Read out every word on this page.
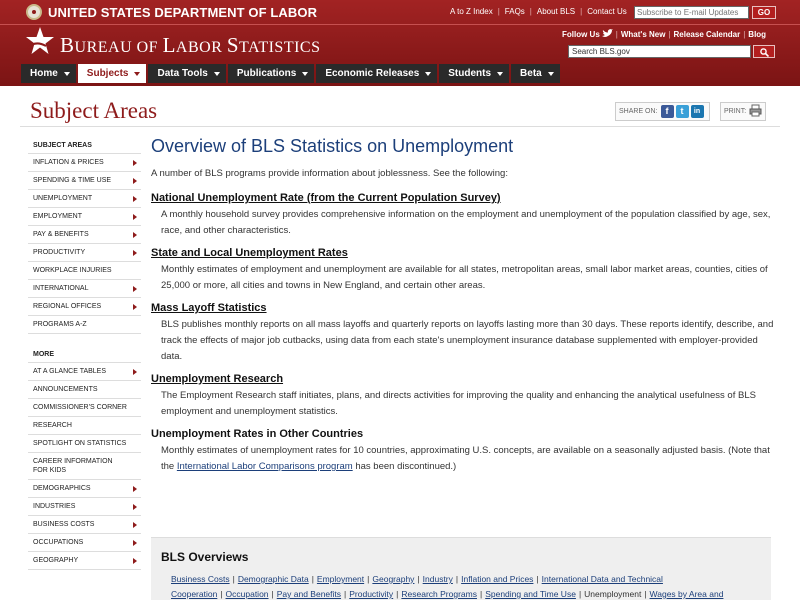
UNITED STATES DEPARTMENT OF LABOR	A to Z Index | FAQs | About BLS | Contact Us
Subscribe to E-mail Updates	GO
BUREAU OF LABOR STATISTICS
Follow Us | What's New | Release Calendar | Blog
Search BLS.gov
Home	Subjects	Data Tools	Publications	Economic Releases	Students	Beta
Subject Areas	SHARE ON: f	t	in	PRINT:
SUBJECT AREAS
INFLATION & PRICES
SPENDING & TIME USE
UNEMPLOYMENT
EMPLOYMENT
PAY & BENEFITS
PRODUCTIVITY
WORKPLACE INJURIES
INTERNATIONAL
REGIONAL OFFICES
PROGRAMS A-Z
MORE
AT A GLANCE TABLES
ANNOUNCEMENTS
COMMISSIONER'S CORNER
RESEARCH
SPOTLIGHT ON STATISTICS
CAREER INFORMATION FOR KIDS
DEMOGRAPHICS
INDUSTRIES
BUSINESS COSTS
OCCUPATIONS
GEOGRAPHY
Overview of BLS Statistics on Unemployment
A number of BLS programs provide information about joblessness. See the following:
National Unemployment Rate (from the Current Population Survey)
A monthly household survey provides comprehensive information on the employment and unemployment of the population classified by age, sex, race, and other characteristics.
State and Local Unemployment Rates
Monthly estimates of employment and unemployment are available for all states, metropolitan areas, small labor market areas, counties, cities of 25,000 or more, all cities and towns in New England, and certain other areas.
Mass Layoff Statistics
BLS publishes monthly reports on all mass layoffs and quarterly reports on layoffs lasting more than 30 days. These reports identify, describe, and track the effects of major job cutbacks, using data from each state's unemployment insurance database supplemented with employer-provided data.
Unemployment Research
The Employment Research staff initiates, plans, and directs activities for improving the quality and enhancing the analytical usefulness of BLS employment and unemployment statistics.
Unemployment Rates in Other Countries
Monthly estimates of unemployment rates for 10 countries, approximating U.S. concepts, are available on a seasonally adjusted basis. (Note that the International Labor Comparisons program has been discontinued.)
BLS Overviews
Business Costs | Demographic Data | Employment | Geography | Industry | Inflation and Prices | International Data and Technical Cooperation | Occupation | Pay and Benefits | Productivity | Research Programs | Spending and Time Use | Unemployment | Wages by Area and
